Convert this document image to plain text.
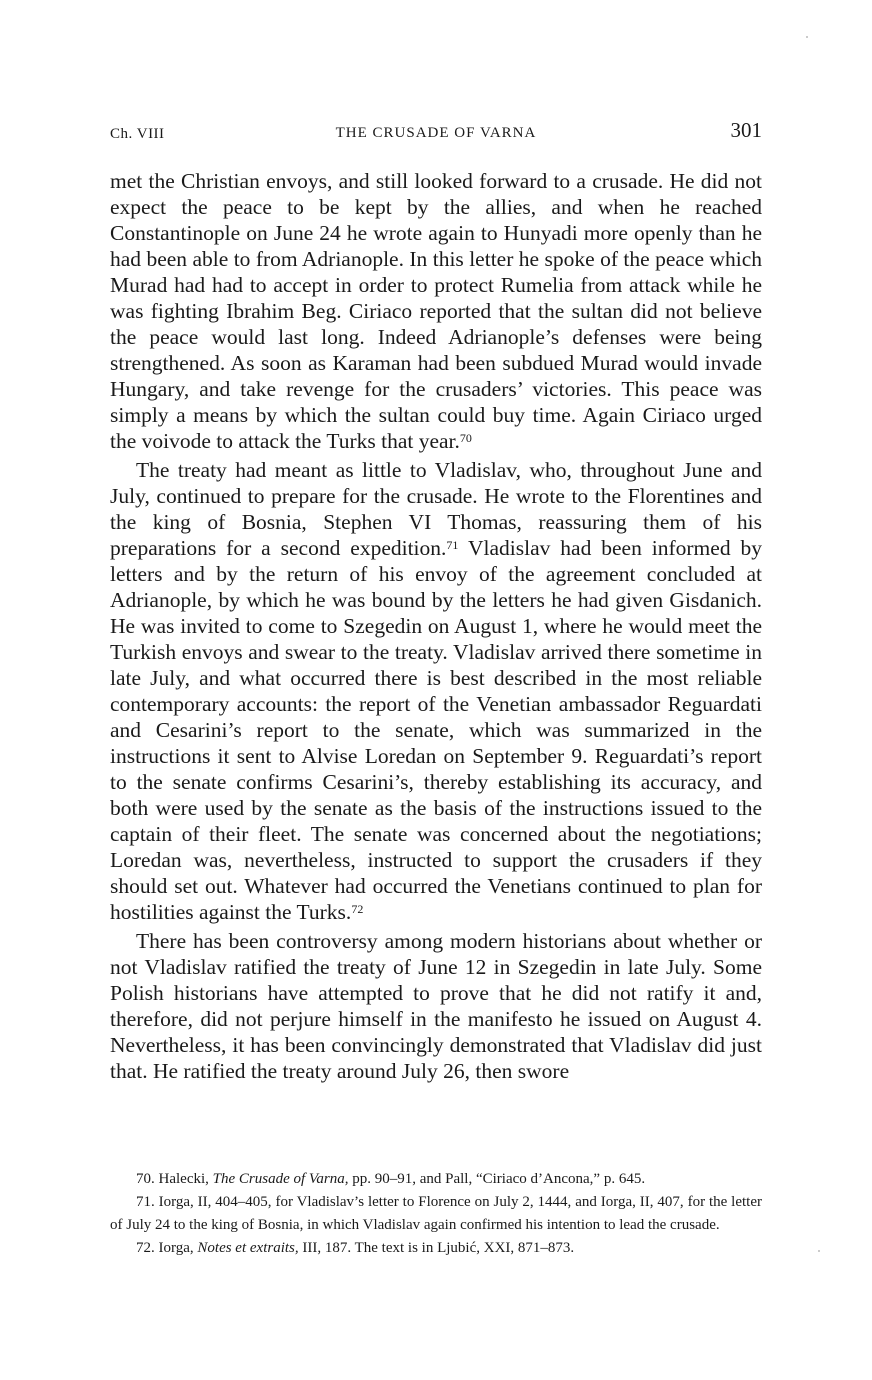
Ch. VIII	THE CRUSADE OF VARNA	301

met the Christian envoys, and still looked forward to a crusade. He did not expect the peace to be kept by the allies, and when he reached Constantinople on June 24 he wrote again to Hunyadi more openly than he had been able to from Adrianople. In this letter he spoke of the peace which Murad had had to accept in order to protect Rumelia from attack while he was fighting Ibrahim Beg. Ciriaco reported that the sultan did not believe the peace would last long. Indeed Adrianople’s defenses were being strengthened. As soon as Karaman had been subdued Murad would invade Hungary, and take revenge for the crusaders’ victories. This peace was simply a means by which the sultan could buy time. Again Ciriaco urged the voivode to attack the Turks that year.$^{70}$

The treaty had meant as little to Vladislav, who, throughout June and July, continued to prepare for the crusade. He wrote to the Florentines and the king of Bosnia, Stephen VI Thomas, reassuring them of his preparations for a second expedition.$^{71}$ Vladislav had been informed by letters and by the return of his envoy of the agreement concluded at Adrianople, by which he was bound by the letters he had given Gisdanich. He was invited to come to Szegedin on August 1, where he would meet the Turkish envoys and swear to the treaty. Vladislav arrived there sometime in late July, and what occurred there is best described in the most reliable contemporary accounts: the report of the Venetian ambassador Reguardati and Cesarini’s report to the senate, which was summarized in the instructions it sent to Alvise Loredan on September 9. Reguardati’s report to the senate confirms Cesarini’s, thereby establishing its accuracy, and both were used by the senate as the basis of the instructions issued to the captain of their fleet. The senate was concerned about the negotiations; Loredan was, nevertheless, instructed to support the crusaders if they should set out. Whatever had occurred the Venetians continued to plan for hostilities against the Turks.$^{72}$

There has been controversy among modern historians about whether or not Vladislav ratified the treaty of June 12 in Szegedin in late July. Some Polish historians have attempted to prove that he did not ratify it and, therefore, did not perjure himself in the manifesto he issued on August 4. Nevertheless, it has been convincingly demonstrated that Vladislav did just that. He ratified the treaty around July 26, then swore

70. Halecki, The Crusade of Varna, pp. 90–91, and Pall, “Ciriaco d’Ancona,” p. 645.

71. Iorga, II, 404–405, for Vladislav’s letter to Florence on July 2, 1444, and Iorga, II, 407, for the letter of July 24 to the king of Bosnia, in which Vladislav again confirmed his intention to lead the crusade.

72. Iorga, Notes et extraits, III, 187. The text is in Ljubić, XXI, 871–873.
